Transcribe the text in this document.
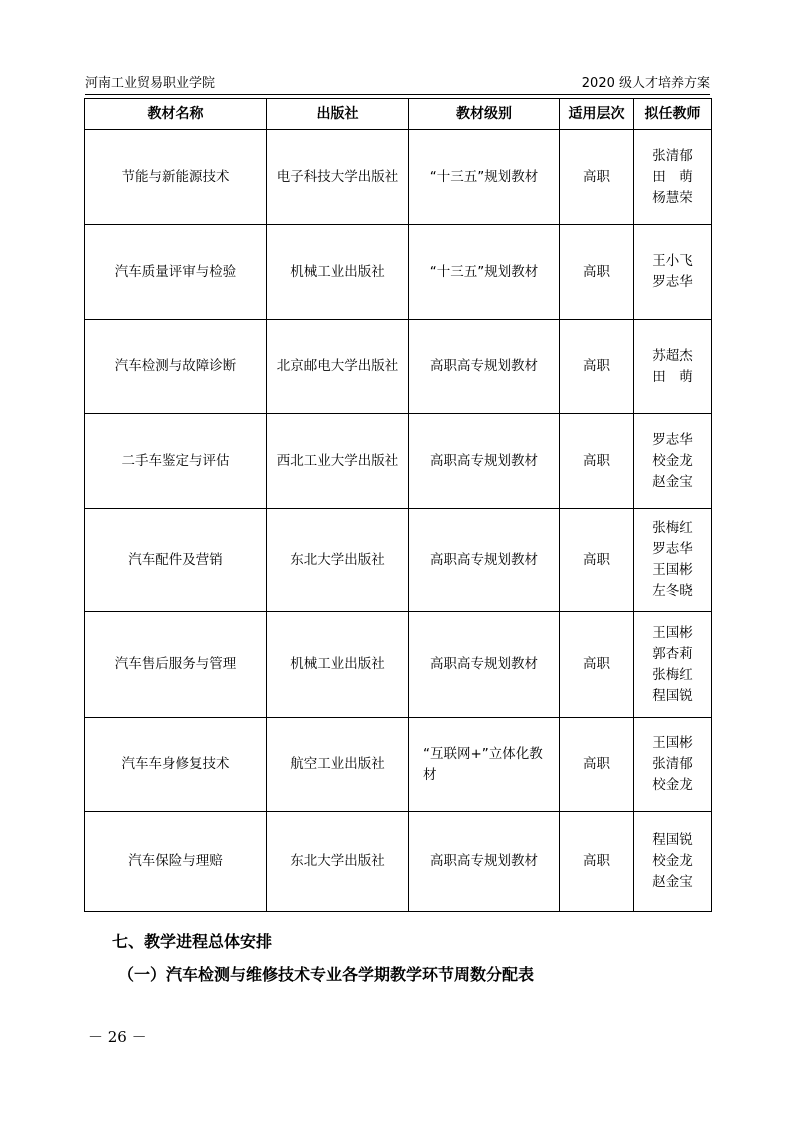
河南工业贸易职业学院	2020 级人才培养方案
教材名称	出版社	教材级别	适用层次	拟任教师
节能与新能源技术	电子科技大学出版社	“十三五”规划教材	高职	张清郁
田　萌
杨慧荣

汽车质量评审与检验	机械工业出版社	“十三五”规划教材	高职	王小飞
罗志华

汽车检测与故障诊断	北京邮电大学出版社	高职高专规划教材	高职	苏超杰
田　萌

二手车鉴定与评估	西北工业大学出版社	高职高专规划教材	高职	罗志华
校金龙
赵金宝

汽车配件及营销	东北大学出版社	高职高专规划教材	高职	张梅红
罗志华
王国彬
左冬晓

汽车售后服务与管理	机械工业出版社	高职高专规划教材	高职	王国彬
郭杏莉
张梅红
程国锐

汽车车身修复技术	航空工业出版社	“互联网+”立体化教材	高职	王国彬
张清郁
校金龙

汽车保险与理赔	东北大学出版社	高职高专规划教材	高职	程国锐
校金龙
赵金宝
七、教学进程总体安排
（一）汽车检测与维修技术专业各学期教学环节周数分配表
－ 26 －
